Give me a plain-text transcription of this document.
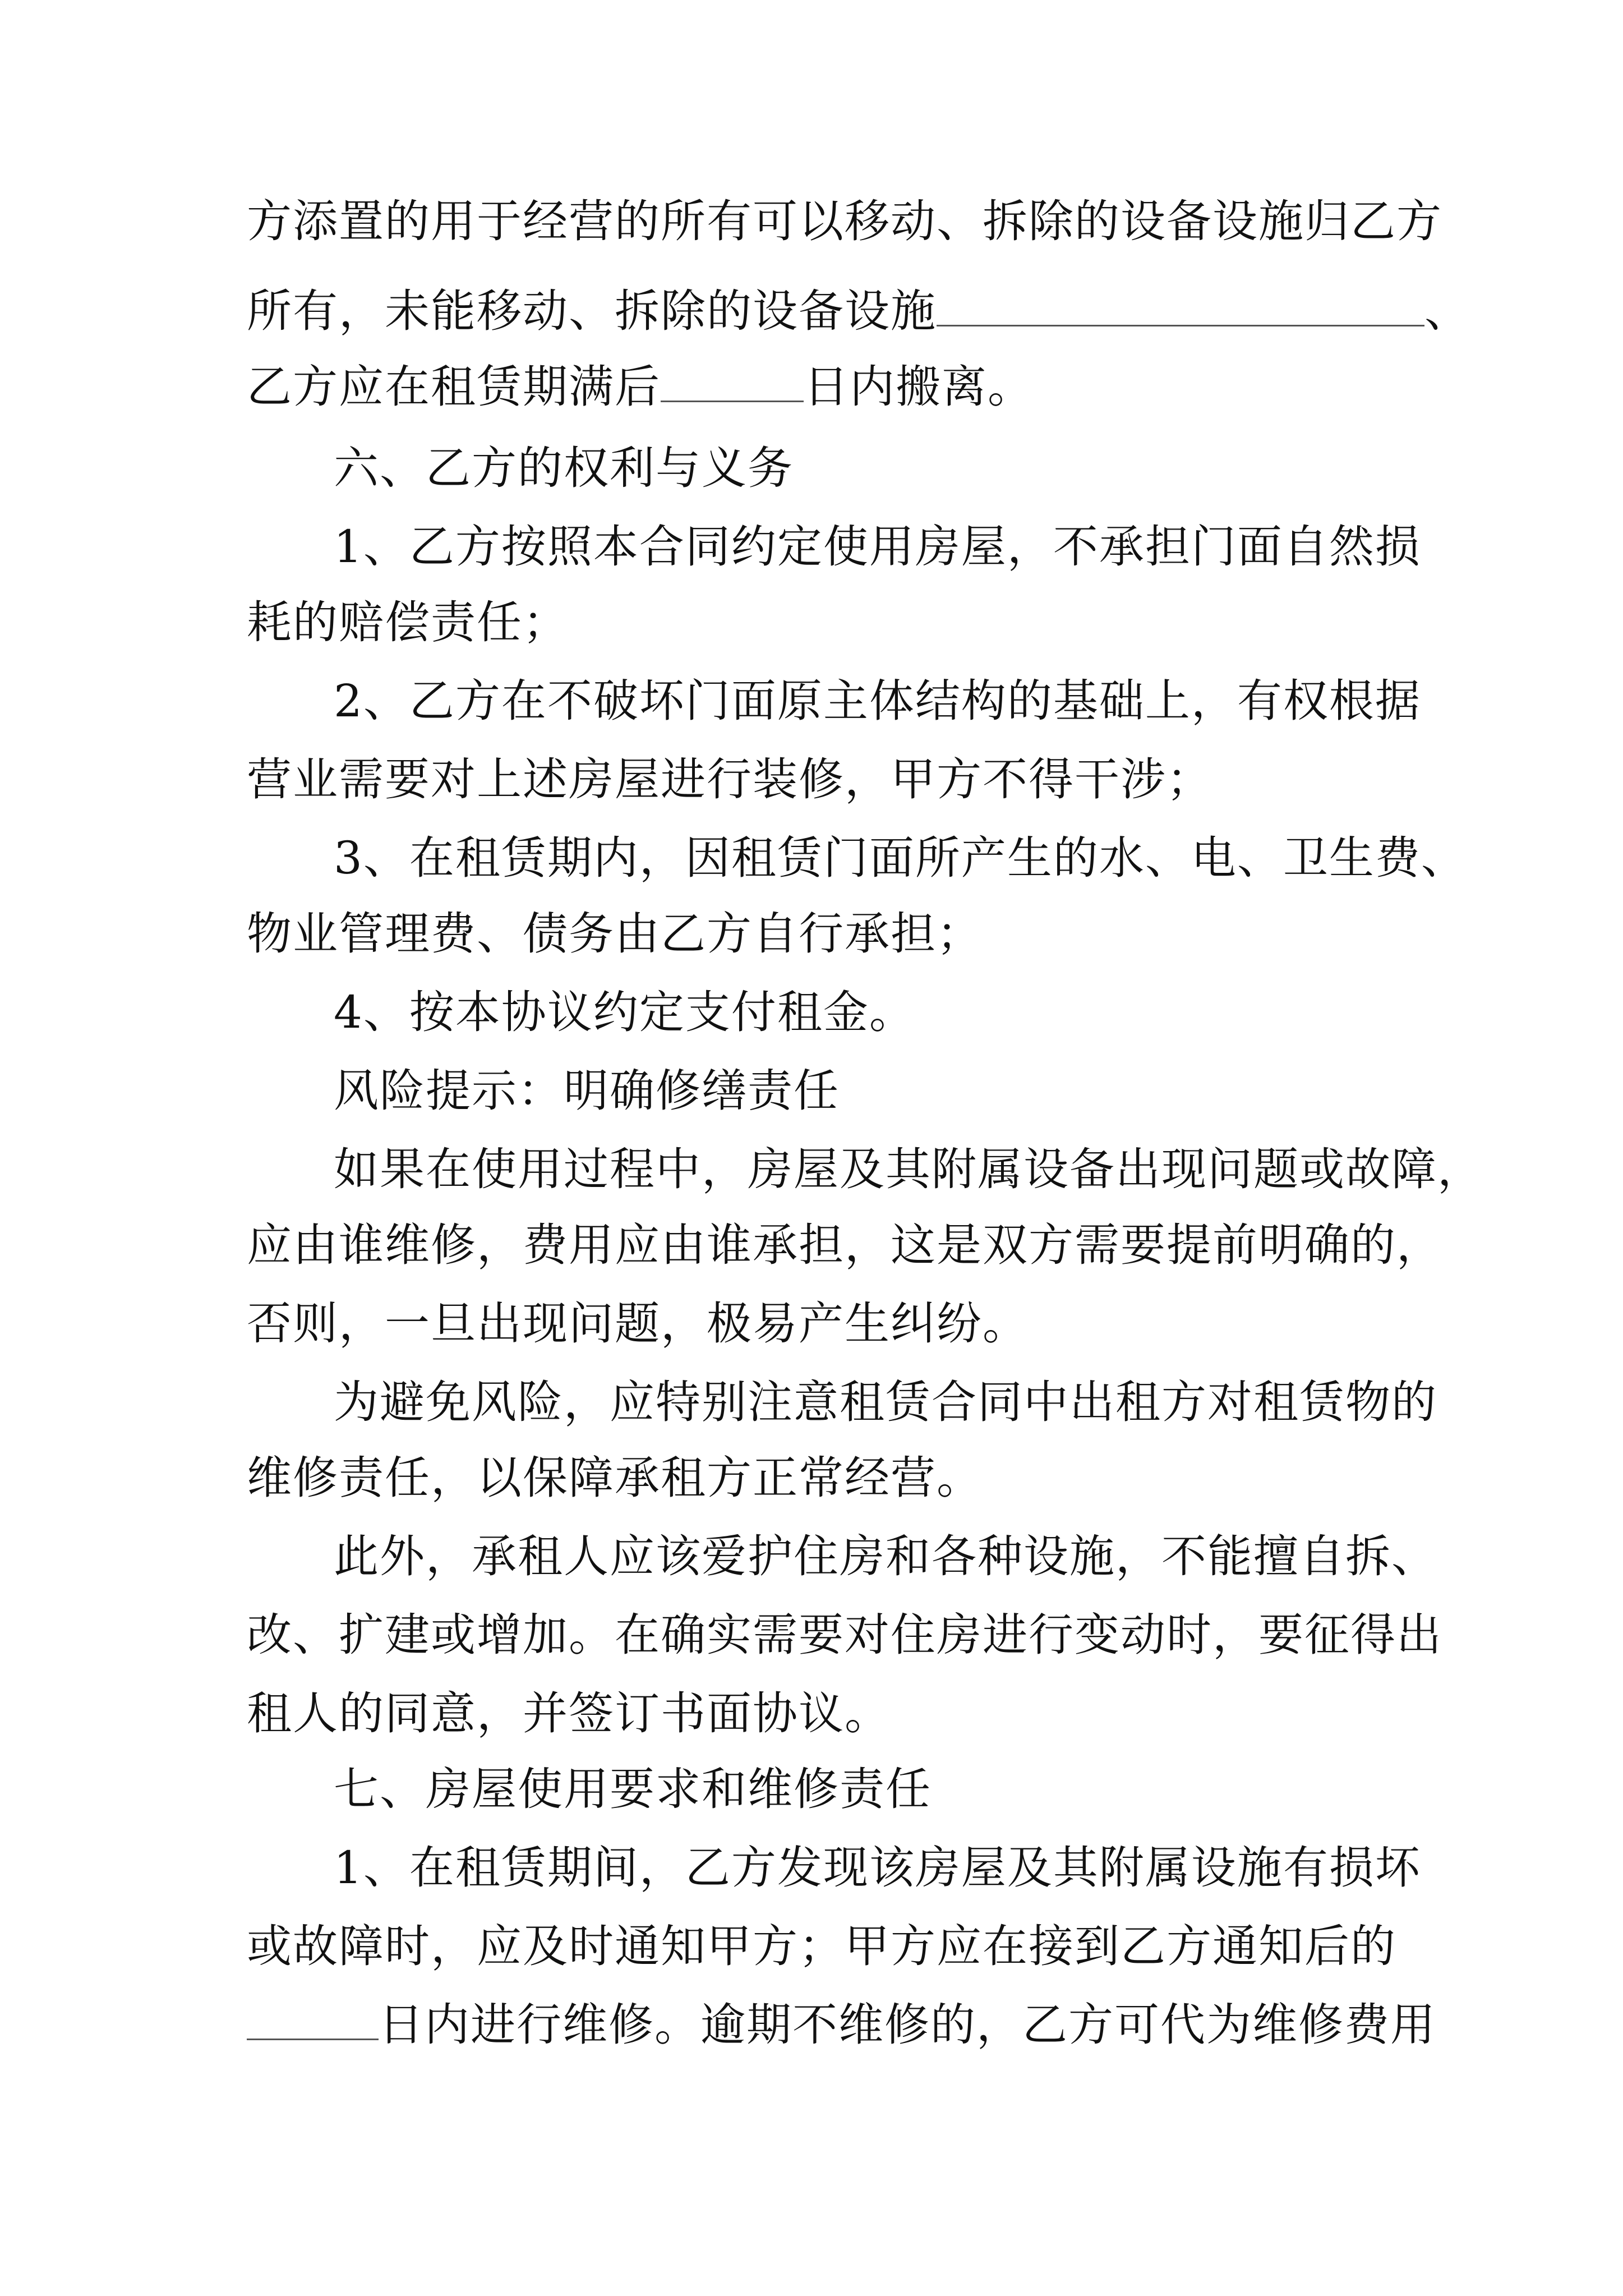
方添置的用于经营的所有可以移动、拆除的设备设施归乙方
所有，未能移动、拆除的设备设施	、
乙方应在租赁期满后	日内搬离。
六、乙方的权利与义务
1、乙方按照本合同约定使用房屋，不承担门面自然损
耗的赔偿责任；
2、乙方在不破坏门面原主体结构的基础上，有权根据
营业需要对上述房屋进行装修，甲方不得干涉；
3、在租赁期内，因租赁门面所产生的水、电、卫生费、
物业管理费、债务由乙方自行承担；
4、按本协议约定支付租金。
风险提示：明确修缮责任
如果在使用过程中，房屋及其附属设备出现问题或故障，
应由谁维修，费用应由谁承担，这是双方需要提前明确的，
否则，一旦出现问题，极易产生纠纷。
为避免风险，应特别注意租赁合同中出租方对租赁物的
维修责任，以保障承租方正常经营。
此外，承租人应该爱护住房和各种设施，不能擅自拆、
改、扩建或增加。在确实需要对住房进行变动时，要征得出
租人的同意，并签订书面协议。
七、房屋使用要求和维修责任
1、在租赁期间，乙方发现该房屋及其附属设施有损坏
或故障时，应及时通知甲方；甲方应在接到乙方通知后的
日内进行维修。逾期不维修的，乙方可代为维修费用
